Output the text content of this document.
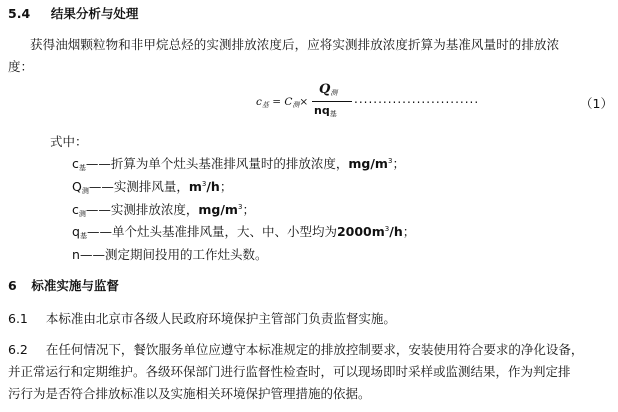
5.4 结果分析与处理
获得油烟颗粒物和非甲烷总烃的实测排放浓度后，应将实测排放浓度折算为基准风量时的排放浓
度：
$c_基 = C_测\times$
$Q_测$
$nq_基$
..........................	（1）
式中：
$c_基——$折算为单个灶头基准排风量时的排放浓度，$mg/m^3$；
$Q_测——$实测排风量，$m^3/h$；
$c_测——$实测排放浓度，$mg/m^3$；
$q_基——$单个灶头基准排风量，大、中、小型均为$2000m^3/h$；
n——测定期间投用的工作灶头数。
6 标准实施与监督
6.1 本标准由北京市各级人民政府环境保护主管部门负责监督实施。
6.2 在任何情况下，餐饮服务单位应遵守本标准规定的排放控制要求，安装使用符合要求的净化设备，
并正常运行和定期维护。各级环保部门进行监督性检查时，可以现场即时采样或监测结果，作为判定排
污行为是否符合排放标准以及实施相关环境保护管理措施的依据。
